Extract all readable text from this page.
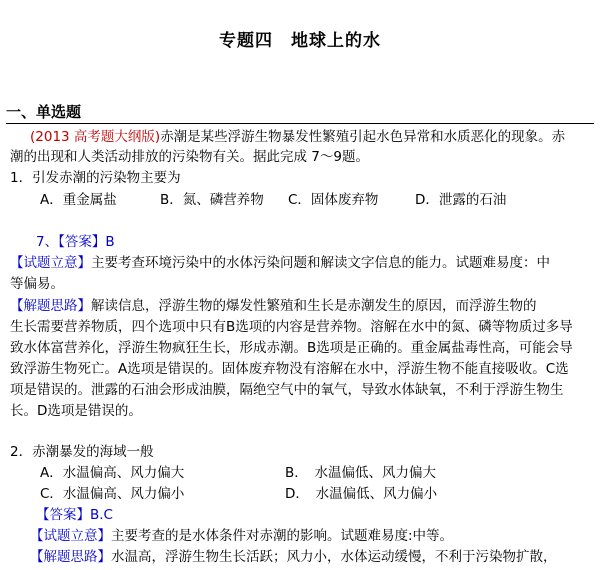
专题四　地球上的水
一、单选题
(2013 高考题大纲版)赤潮是某些浮游生物暴发性繁殖引起水色异常和水质恶化的现象。赤
潮的出现和人类活动排放的污染物有关。据此完成 7～9题。
1．引发赤潮的污染物主要为
A．重金属盐	B．氮、磷营养物 C．固体废弃物	D．泄露的石油
7、【答案】B
【试题立意】主要考查环境污染中的水体污染问题和解读文字信息的能力。试题难易度：中
等偏易。
【解题思路】解读信息，浮游生物的爆发性繁殖和生长是赤潮发生的原因，而浮游生物的
生长需要营养物质，四个选项中只有B选项的内容是营养物。溶解在水中的氮、磷等物质过多导
致水体富营养化，浮游生物疯狂生长，形成赤潮。B选项是正确的。重金属盐毒性高，可能会导
致浮游生物死亡。A选项是错误的。固体废弃物没有溶解在水中，浮游生物不能直接吸收。C选
项是错误的。泄露的石油会形成油膜，隔绝空气中的氧气，导致水体缺氧，不利于浮游生物生
长。D选项是错误的。
2．赤潮暴发的海域一般
A．水温偏高、风力偏大	B．　水温偏低、风力偏大
C．水温偏高、风力偏小	D．　水温偏低、风力偏小
【答案】B.C
【试题立意】主要考查的是水体条件对赤潮的影响。试题难易度:中等。
【解题思路】水温高，浮游生物生长活跃；风力小，水体运动缓慢，不利于污染物扩散，
